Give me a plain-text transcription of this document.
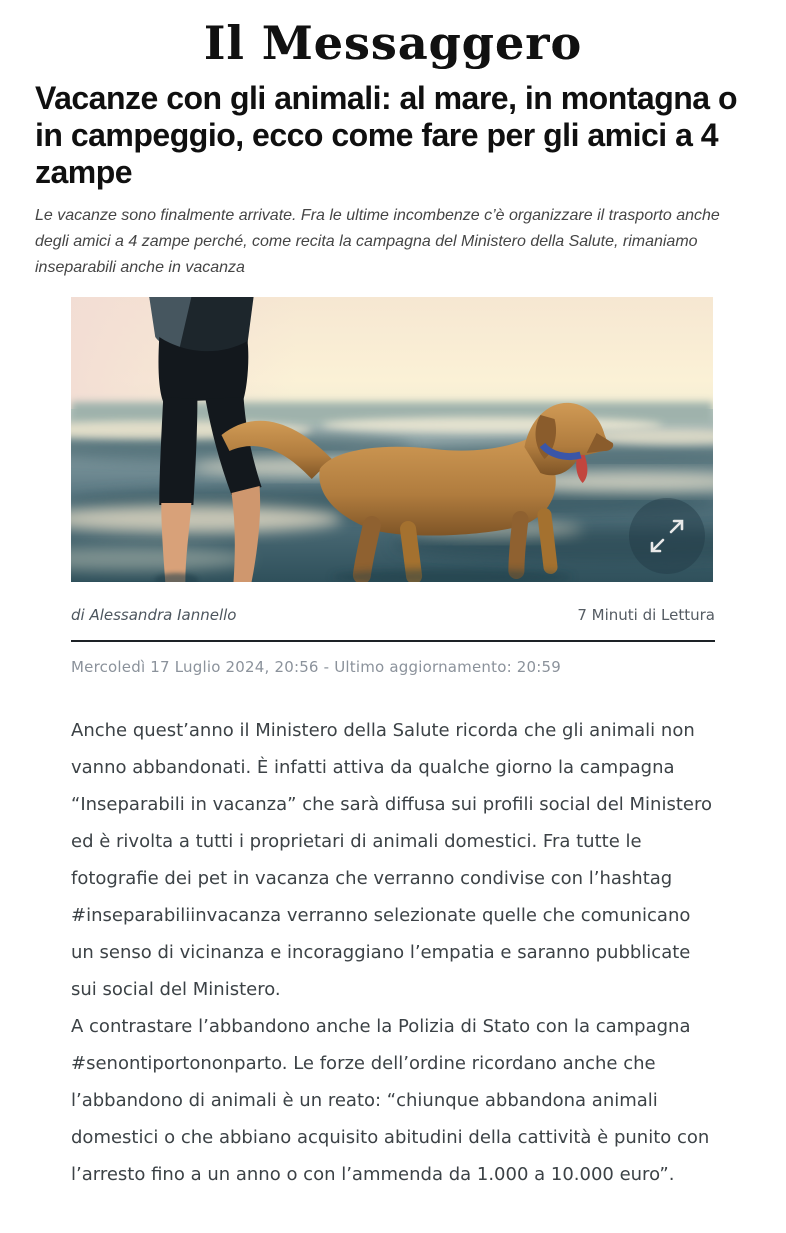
Il Messaggero
Vacanze con gli animali: al mare, in montagna o in campeggio, ecco come fare per gli amici a 4 zampe

Le vacanze sono finalmente arrivate. Fra le ultime incombenze c’è organizzare il trasporto anche degli amici a 4 zampe perché, come recita la campagna del Ministero della Salute, rimaniamo inseparabili anche in vacanza

di Alessandra Iannello	7 Minuti di Lettura
Mercoledì 17 Luglio 2024, 20:56 - Ultimo aggiornamento: 20:59

Anche quest’anno il Ministero della Salute ricorda che gli animali non vanno abbandonati. È infatti attiva da qualche giorno la campagna “Inseparabili in vacanza” che sarà diffusa sui profili social del Ministero ed è rivolta a tutti i proprietari di animali domestici. Fra tutte le fotografie dei pet in vacanza che verranno condivise con l’hashtag #inseparabiliinvacanza verranno selezionate quelle che comunicano un senso di vicinanza e incoraggiano l’empatia e saranno pubblicate sui social del Ministero.

A contrastare l’abbandono anche la Polizia di Stato con la campagna #senontiportononparto. Le forze dell’ordine ricordano anche che l’abbandono di animali è un reato: “chiunque abbandona animali domestici o che abbiano acquisito abitudini della cattività è punito con l’arresto fino a un anno o con l’ammenda da 1.000 a 10.000 euro”.
